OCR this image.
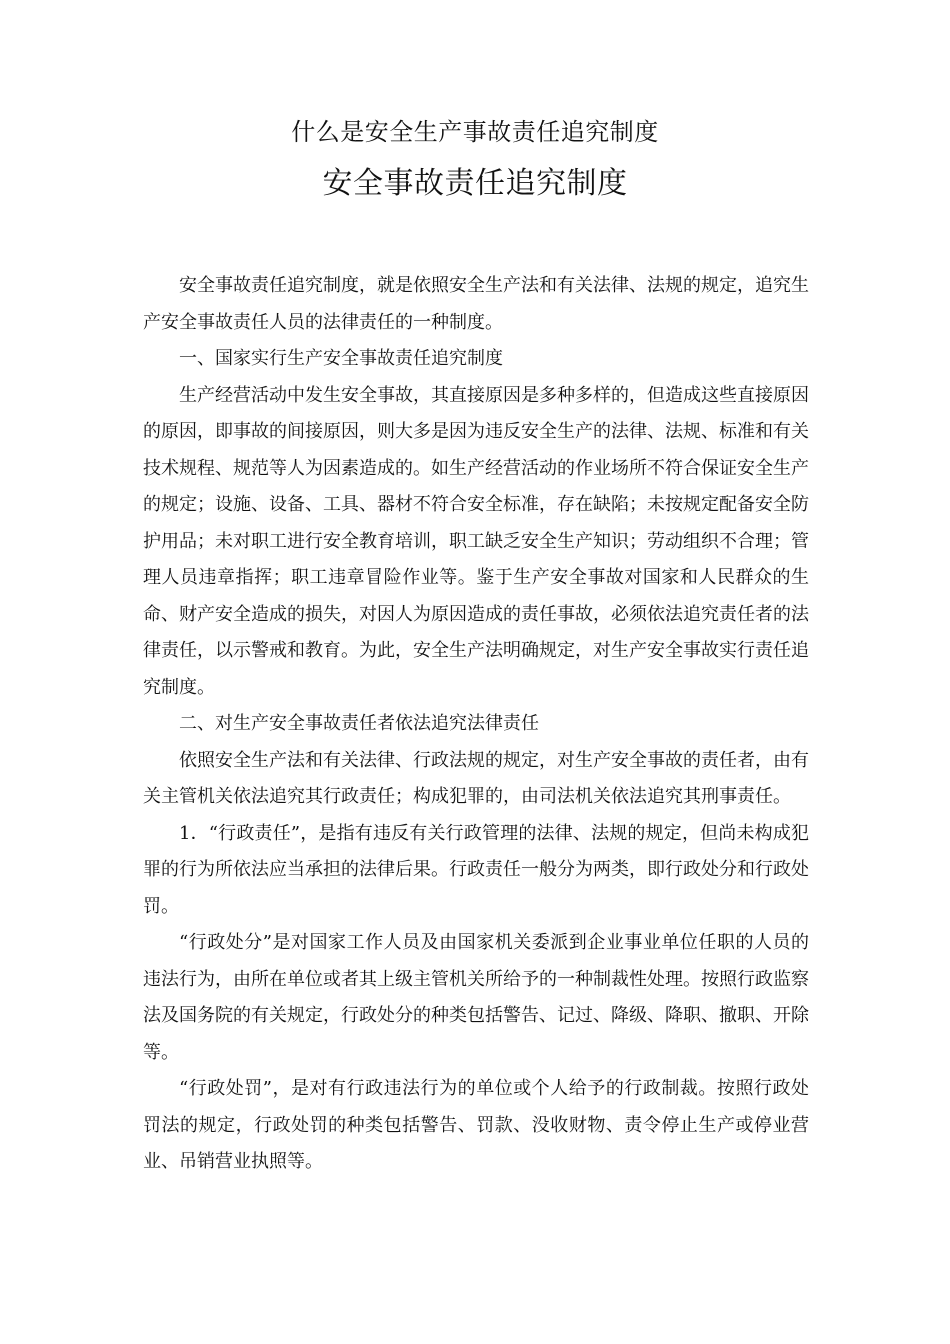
什么是安全生产事故责任追究制度
安全事故责任追究制度

安全事故责任追究制度，就是依照安全生产法和有关法律、法规的规定，追究生产安全事故责任人员的法律责任的一种制度。

一、国家实行生产安全事故责任追究制度

生产经营活动中发生安全事故，其直接原因是多种多样的，但造成这些直接原因的原因，即事故的间接原因，则大多是因为违反安全生产的法律、法规、标准和有关技术规程、规范等人为因素造成的。如生产经营活动的作业场所不符合保证安全生产的规定；设施、设备、工具、器材不符合安全标准，存在缺陷；未按规定配备安全防护用品；未对职工进行安全教育培训，职工缺乏安全生产知识；劳动组织不合理；管理人员违章指挥；职工违章冒险作业等。鉴于生产安全事故对国家和人民群众的生命、财产安全造成的损失，对因人为原因造成的责任事故，必须依法追究责任者的法律责任，以示警戒和教育。为此，安全生产法明确规定，对生产安全事故实行责任追究制度。

二、对生产安全事故责任者依法追究法律责任

依照安全生产法和有关法律、行政法规的规定，对生产安全事故的责任者，由有关主管机关依法追究其行政责任；构成犯罪的，由司法机关依法追究其刑事责任。

1．“行政责任”，是指有违反有关行政管理的法律、法规的规定，但尚未构成犯罪的行为所依法应当承担的法律后果。行政责任一般分为两类，即行政处分和行政处罚。

“行政处分”是对国家工作人员及由国家机关委派到企业事业单位任职的人员的违法行为，由所在单位或者其上级主管机关所给予的一种制裁性处理。按照行政监察法及国务院的有关规定，行政处分的种类包括警告、记过、降级、降职、撤职、开除等。

“行政处罚”，是对有行政违法行为的单位或个人给予的行政制裁。按照行政处罚法的规定，行政处罚的种类包括警告、罚款、没收财物、责令停止生产或停业营业、吊销营业执照等。
